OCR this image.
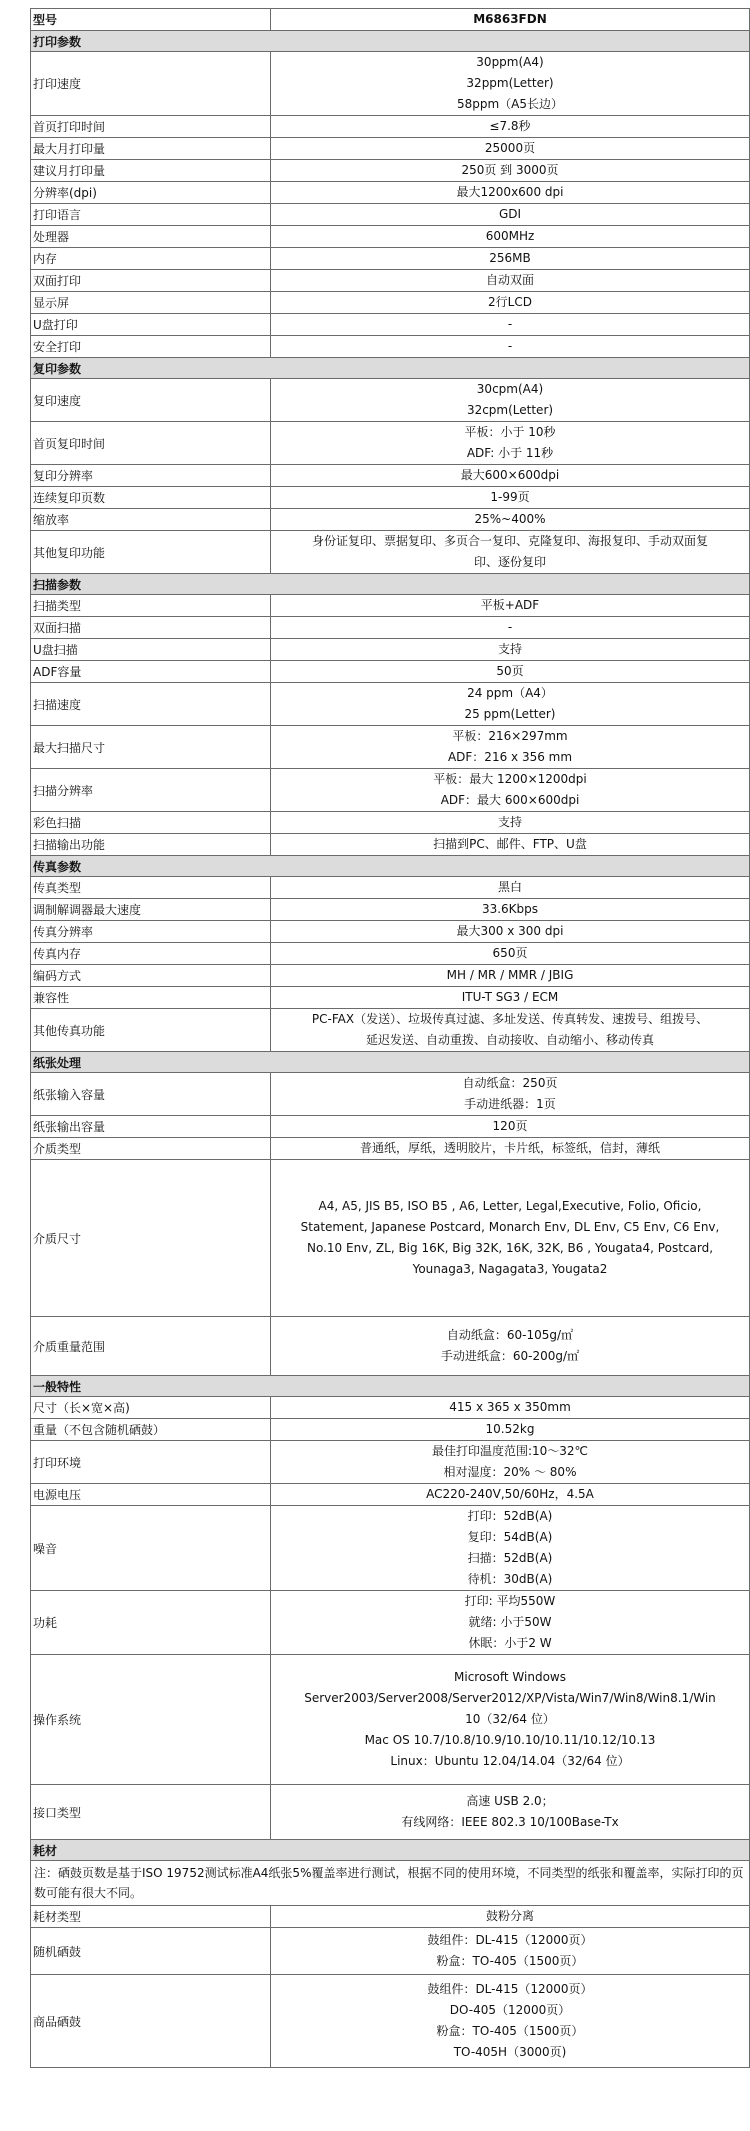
型号	M6863FDN
打印参数	
打印速度	30ppm(A4)
32ppm(Letter)
58ppm（A5长边）

首页打印时间	≤7.8秒

最大月打印量	25000页

建议月打印量	250页 到 3000页

分辨率(dpi)	最大1200x600 dpi

打印语言	GDI

处理器	600MHz

内存	256MB

双面打印	自动双面

显示屏	2行LCD

U盘打印	-

安全打印	-

复印参数	
复印速度	30cpm(A4)
32cpm(Letter)

首页复印时间	平板：小于 10秒
ADF: 小于 11秒

复印分辨率	最大600×600dpi

连续复印页数	1-99页

缩放率	25%~400%

其他复印功能	身份证复印、票据复印、多页合一复印、克隆复印、海报复印、手动双面复
印、逐份复印

扫描参数	
扫描类型	平板+ADF

双面扫描	-

U盘扫描	支持

ADF容量	50页

扫描速度	24 ppm（A4）
25 ppm(Letter)

最大扫描尺寸	平板：216×297mm
ADF：216 x 356 mm

扫描分辨率	平板：最大 1200×1200dpi
ADF：最大 600×600dpi

彩色扫描	支持

扫描输出功能	扫描到PC、邮件、FTP、U盘

传真参数	
传真类型	黑白

调制解调器最大速度	33.6Kbps

传真分辨率	最大300 x 300 dpi

传真内存	650页

编码方式	MH / MR / MMR / JBIG

兼容性	ITU-T SG3 / ECM

其他传真功能	PC-FAX（发送）、垃圾传真过滤、多址发送、传真转发、速拨号、组拨号、
延迟发送、自动重拨、自动接收、自动缩小、移动传真

纸张处理	
纸张输入容量	自动纸盒：250页
手动进纸器：1页

纸张输出容量	120页

介质类型	普通纸，厚纸，透明胶片，卡片纸，标签纸，信封，薄纸

介质尺寸	A4, A5, JIS B5, ISO B5 , A6, Letter, Legal,Executive, Folio, Oficio,
Statement, Japanese Postcard, Monarch Env, DL Env, C5 Env, C6 Env,
No.10 Env, ZL, Big 16K, Big 32K, 16K, 32K, B6 , Yougata4, Postcard,
Younaga3, Nagagata3, Yougata2

介质重量范围	自动纸盒：60-105g/㎡
手动进纸盒：60-200g/㎡

一般特性	
尺寸（长×宽×高)	415 x 365 x 350mm

重量（不包含随机硒鼓）	10.52kg

打印环境	最佳打印温度范围:10～32℃
相对湿度：20% ～ 80%

电源电压	AC220-240V,50/60Hz，4.5A

噪音	打印：52dB(A)
复印：54dB(A)
扫描：52dB(A)
待机：30dB(A)

功耗	打印: 平均550W
就绪: 小于50W
休眠：小于2 W

操作系统	Microsoft Windows
Server2003/Server2008/Server2012/XP/Vista/Win7/Win8/Win8.1/Win
10（32/64 位）
Mac OS 10.7/10.8/10.9/10.10/10.11/10.12/10.13
Linux：Ubuntu 12.04/14.04（32/64 位）

接口类型	高速 USB 2.0；
有线网络：IEEE 802.3 10/100Base-Tx

耗材	
注：硒鼓页数是基于ISO 19752测试标准A4纸张5%覆盖率进行测试，根据不同的使用环境，不同类型的纸张和覆盖率，实际打印的页数可能有很大不同。	
耗材类型	鼓粉分离

随机硒鼓	鼓组件：DL-415（12000页）
粉盒：TO-405（1500页）

商品硒鼓	鼓组件：DL-415（12000页）
DO-405（12000页）
粉盒：TO-405（1500页）
TO-405H（3000页)
